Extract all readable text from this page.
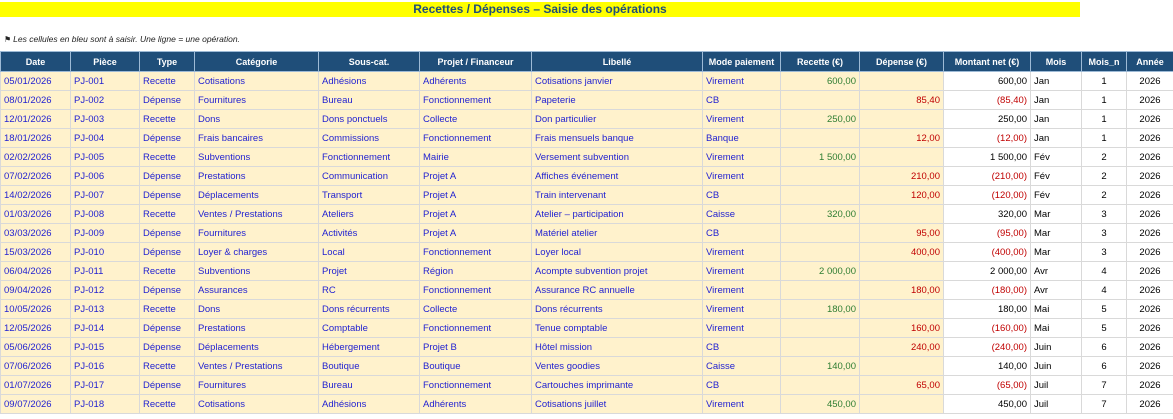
Recettes / Dépenses – Saisie des opérations
⚑ Les cellules en bleu sont à saisir. Une ligne = une opération.
Date	Pièce	Type	Catégorie	Sous-cat.	Projet / Financeur	Libellé	Mode paiement	Recette (€)	Dépense (€)	Montant net (€)	Mois	Mois_n	Année
05/01/2026	PJ-001	Recette	Cotisations	Adhésions	Adhérents	Cotisations janvier	Virement	600,00		600,00	Jan	1	2026
08/01/2026	PJ-002	Dépense	Fournitures	Bureau	Fonctionnement	Papeterie	CB		85,40	(85,40)	Jan	1	2026
12/01/2026	PJ-003	Recette	Dons	Dons ponctuels	Collecte	Don particulier	Virement	250,00		250,00	Jan	1	2026
18/01/2026	PJ-004	Dépense	Frais bancaires	Commissions	Fonctionnement	Frais mensuels banque	Banque		12,00	(12,00)	Jan	1	2026
02/02/2026	PJ-005	Recette	Subventions	Fonctionnement	Mairie	Versement subvention	Virement	1 500,00		1 500,00	Fév	2	2026
07/02/2026	PJ-006	Dépense	Prestations	Communication	Projet A	Affiches événement	Virement		210,00	(210,00)	Fév	2	2026
14/02/2026	PJ-007	Dépense	Déplacements	Transport	Projet A	Train intervenant	CB		120,00	(120,00)	Fév	2	2026
01/03/2026	PJ-008	Recette	Ventes / Prestations	Ateliers	Projet A	Atelier – participation	Caisse	320,00		320,00	Mar	3	2026
03/03/2026	PJ-009	Dépense	Fournitures	Activités	Projet A	Matériel atelier	CB		95,00	(95,00)	Mar	3	2026
15/03/2026	PJ-010	Dépense	Loyer & charges	Local	Fonctionnement	Loyer local	Virement		400,00	(400,00)	Mar	3	2026
06/04/2026	PJ-011	Recette	Subventions	Projet	Région	Acompte subvention projet	Virement	2 000,00		2 000,00	Avr	4	2026
09/04/2026	PJ-012	Dépense	Assurances	RC	Fonctionnement	Assurance RC annuelle	Virement		180,00	(180,00)	Avr	4	2026
10/05/2026	PJ-013	Recette	Dons	Dons récurrents	Collecte	Dons récurrents	Virement	180,00		180,00	Mai	5	2026
12/05/2026	PJ-014	Dépense	Prestations	Comptable	Fonctionnement	Tenue comptable	Virement		160,00	(160,00)	Mai	5	2026
05/06/2026	PJ-015	Dépense	Déplacements	Hébergement	Projet B	Hôtel mission	CB		240,00	(240,00)	Juin	6	2026
07/06/2026	PJ-016	Recette	Ventes / Prestations	Boutique	Boutique	Ventes goodies	Caisse	140,00		140,00	Juin	6	2026
01/07/2026	PJ-017	Dépense	Fournitures	Bureau	Fonctionnement	Cartouches imprimante	CB		65,00	(65,00)	Juil	7	2026
09/07/2026	PJ-018	Recette	Cotisations	Adhésions	Adhérents	Cotisations juillet	Virement	450,00		450,00	Juil	7	2026
